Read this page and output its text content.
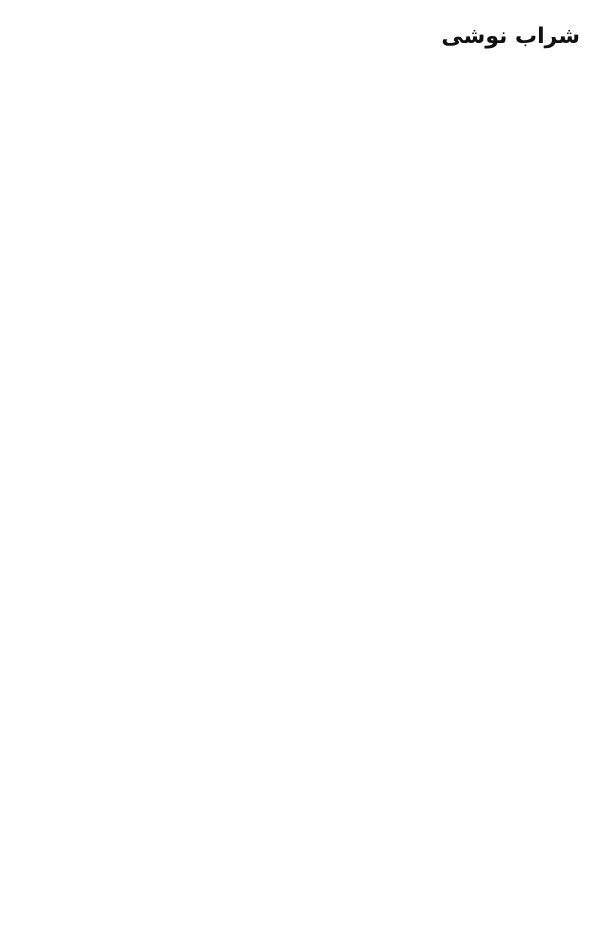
شراب نوشی
